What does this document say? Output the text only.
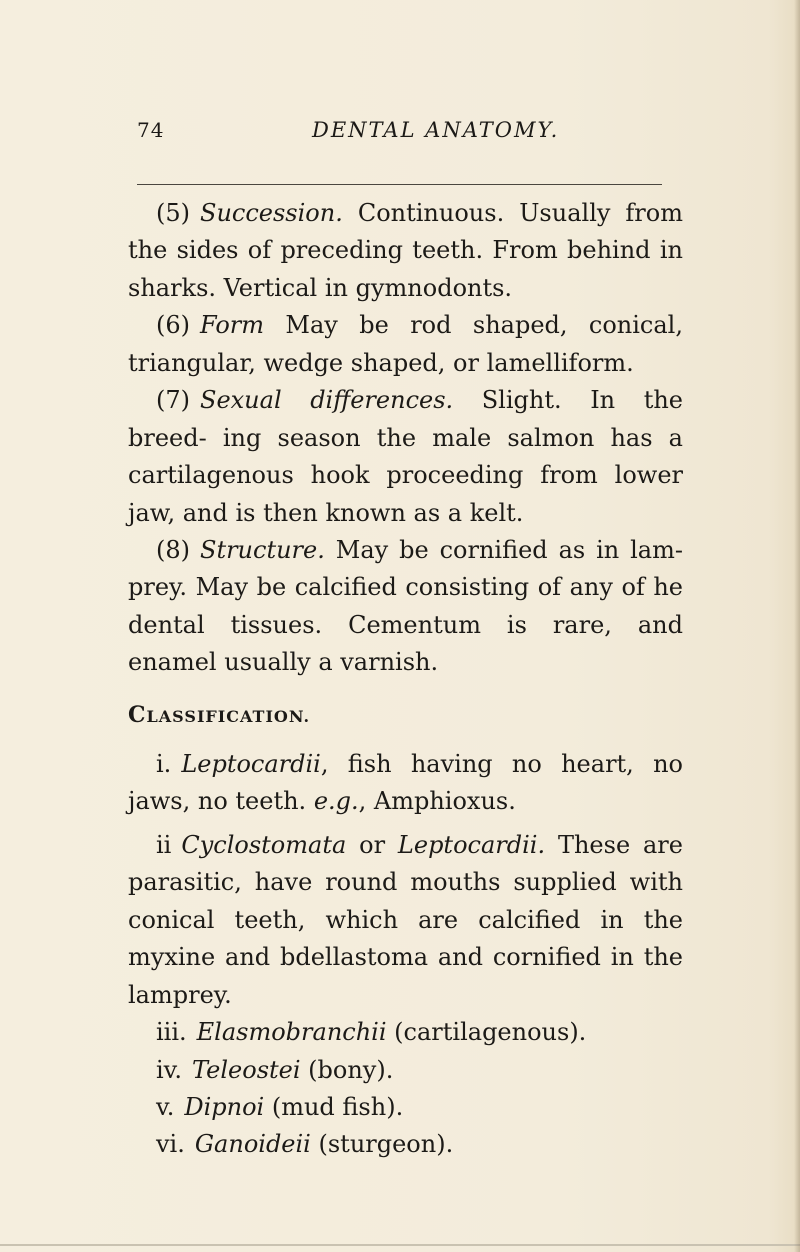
74	DENTAL ANATOMY.

(5) Succession. Continuous. Usually from the sides of preceding teeth. From behind in sharks. Vertical in gymnodonts.

(6) Form May be rod shaped, conical, triangular, wedge shaped, or lamelliform.

(7) Sexual differences. Slight. In the breed- ing season the male salmon has a cartilagenous hook proceeding from lower jaw, and is then known as a kelt.

(8) Structure. May be cornified as in lam- prey. May be calcified consisting of any of he dental tissues. Cementum is rare, and enamel usually a varnish.

CLASSIFICATION.

i. Leptocardii, fish having no heart, no jaws, no teeth. e.g., Amphioxus.

ii Cyclostomata or Leptocardii. These are parasitic, have round mouths supplied with conical teeth, which are calcified in the myxine and bdellastoma and cornified in the lamprey.

iii. Elasmobranchii (cartilagenous).

iv. Teleostei (bony).

v. Dipnoi (mud fish).

vi. Ganoideii (sturgeon).
